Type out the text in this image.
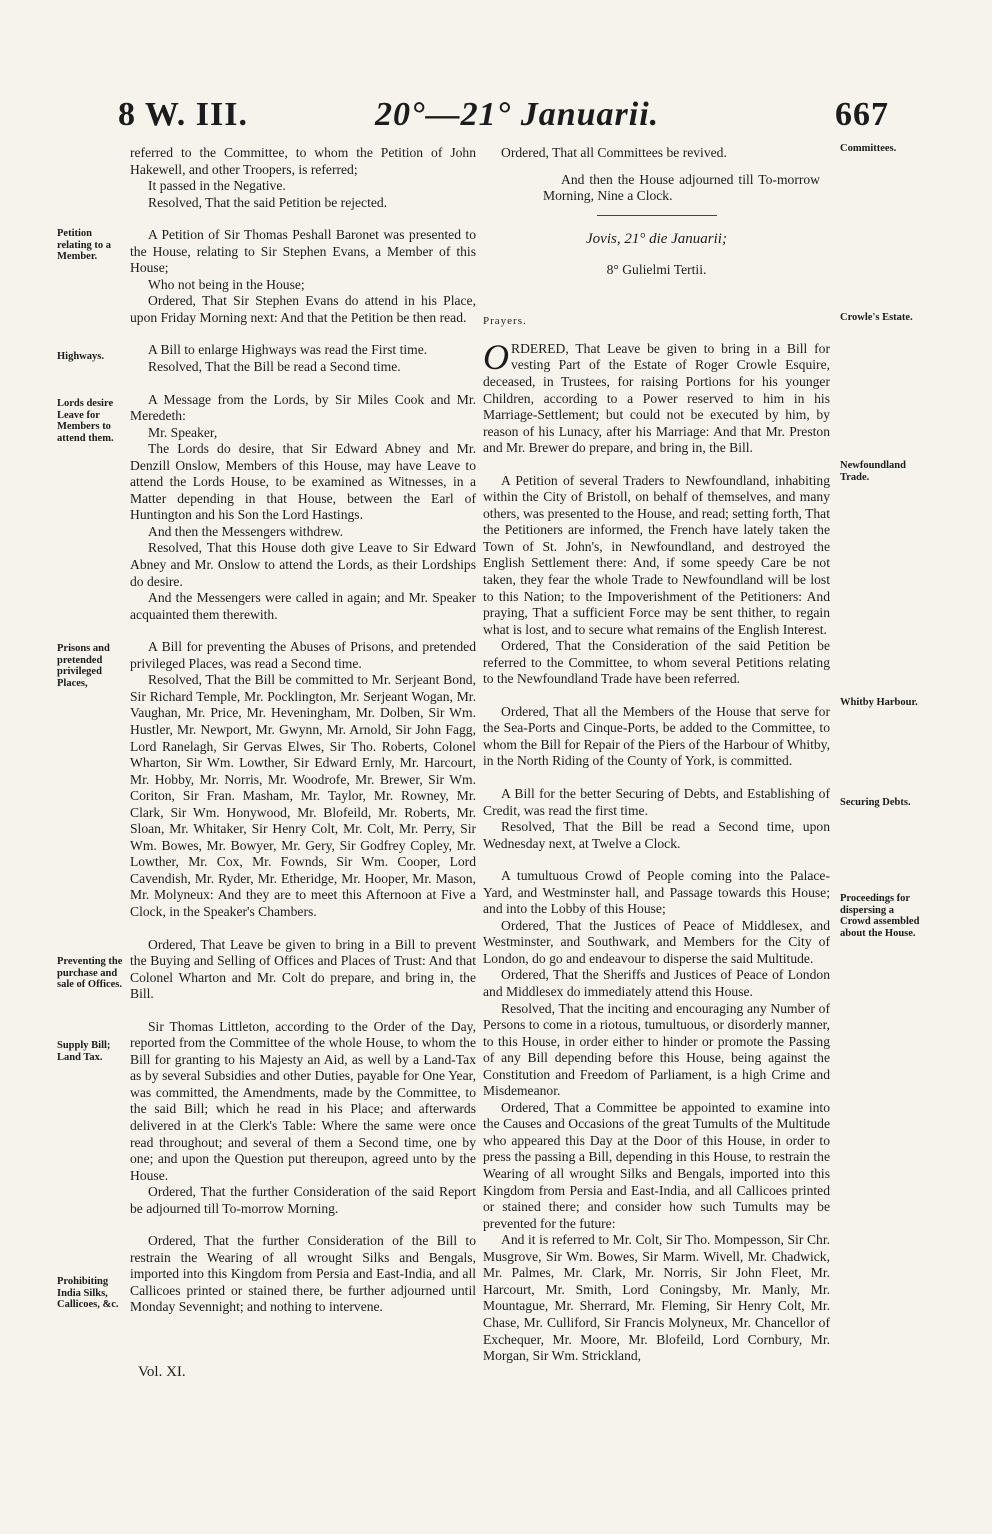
8 W. III.	20°—21° Januarii.	667
Petition relating to a Member.
Highways.
Lords desire Leave for Members to attend them.
Prisons and pretended privileged Places,
Preventing the purchase and sale of Offices.
Supply Bill; Land Tax.
Prohibiting India Silks, Callicoes, &c.
Committees.
Crowle's Estate.
Newfoundland Trade.
Whitby Harbour.
Securing Debts.
Proceedings for dispersing a Crowd assembled about the House.

referred to the Committee, to whom the Petition of John Hakewell, and other Troopers, is referred;

It passed in the Negative.

Resolved, That the said Petition be rejected.

A Petition of Sir Thomas Peshall Baronet was presented to the House, relating to Sir Stephen Evans, a Member of this House;

Who not being in the House;

Ordered, That Sir Stephen Evans do attend in his Place, upon Friday Morning next: And that the Petition be then read.

A Bill to enlarge Highways was read the First time.

Resolved, That the Bill be read a Second time.

A Message from the Lords, by Sir Miles Cook and Mr. Meredeth:

Mr. Speaker,

The Lords do desire, that Sir Edward Abney and Mr. Denzill Onslow, Members of this House, may have Leave to attend the Lords House, to be examined as Witnesses, in a Matter depending in that House, between the Earl of Huntington and his Son the Lord Hastings.

And then the Messengers withdrew.

Resolved, That this House doth give Leave to Sir Edward Abney and Mr. Onslow to attend the Lords, as their Lordships do desire.

And the Messengers were called in again; and Mr. Speaker acquainted them therewith.

A Bill for preventing the Abuses of Prisons, and pretended privileged Places, was read a Second time.

Resolved, That the Bill be committed to Mr. Serjeant Bond, Sir Richard Temple, Mr. Pocklington, Mr. Serjeant Wogan, Mr. Vaughan, Mr. Price, Mr. Heveningham, Mr. Dolben, Sir Wm. Hustler, Mr. Newport, Mr. Gwynn, Mr. Arnold, Sir John Fagg, Lord Ranelagh, Sir Gervas Elwes, Sir Tho. Roberts, Colonel Wharton, Sir Wm. Lowther, Sir Edward Ernly, Mr. Harcourt, Mr. Hobby, Mr. Norris, Mr. Woodrofe, Mr. Brewer, Sir Wm. Coriton, Sir Fran. Masham, Mr. Taylor, Mr. Rowney, Mr. Clark, Sir Wm. Honywood, Mr. Blofeild, Mr. Roberts, Mr. Sloan, Mr. Whitaker, Sir Henry Colt, Mr. Colt, Mr. Perry, Sir Wm. Bowes, Mr. Bowyer, Mr. Gery, Sir Godfrey Copley, Mr. Lowther, Mr. Cox, Mr. Fownds, Sir Wm. Cooper, Lord Cavendish, Mr. Ryder, Mr. Etheridge, Mr. Hooper, Mr. Mason, Mr. Molyneux: And they are to meet this Afternoon at Five a Clock, in the Speaker's Chambers.

Ordered, That Leave be given to bring in a Bill to prevent the Buying and Selling of Offices and Places of Trust: And that Colonel Wharton and Mr. Colt do prepare, and bring in, the Bill.

Sir Thomas Littleton, according to the Order of the Day, reported from the Committee of the whole House, to whom the Bill for granting to his Majesty an Aid, as well by a Land-Tax as by several Subsidies and other Duties, payable for One Year, was committed, the Amendments, made by the Committee, to the said Bill; which he read in his Place; and afterwards delivered in at the Clerk's Table: Where the same were once read throughout; and several of them a Second time, one by one; and upon the Question put thereupon, agreed unto by the House.

Ordered, That the further Consideration of the said Report be adjourned till To-morrow Morning.

Ordered, That the further Consideration of the Bill to restrain the Wearing of all wrought Silks and Bengals, imported into this Kingdom from Persia and East-India, and all Callicoes printed or stained there, be further adjourned until Monday Sevennight; and nothing to intervene.

Ordered, That all Committees be revived.

And then the House adjourned till To-morrow Morning, Nine a Clock.

Jovis, 21° die Januarii;

8° Gulielmi Tertii.

Prayers.

ORDERED, That Leave be given to bring in a Bill for vesting Part of the Estate of Roger Crowle Esquire, deceased, in Trustees, for raising Portions for his younger Children, according to a Power reserved to him in his Marriage-Settlement; but could not be executed by him, by reason of his Lunacy, after his Marriage: And that Mr. Preston and Mr. Brewer do prepare, and bring in, the Bill.

A Petition of several Traders to Newfoundland, inhabiting within the City of Bristoll, on behalf of themselves, and many others, was presented to the House, and read; setting forth, That the Petitioners are informed, the French have lately taken the Town of St. John's, in Newfoundland, and destroyed the English Settlement there: And, if some speedy Care be not taken, they fear the whole Trade to Newfoundland will be lost to this Nation; to the Impoverishment of the Petitioners: And praying, That a sufficient Force may be sent thither, to regain what is lost, and to secure what remains of the English Interest.

Ordered, That the Consideration of the said Petition be referred to the Committee, to whom several Petitions relating to the Newfoundland Trade have been referred.

Ordered, That all the Members of the House that serve for the Sea-Ports and Cinque-Ports, be added to the Committee, to whom the Bill for Repair of the Piers of the Harbour of Whitby, in the North Riding of the County of York, is committed.

A Bill for the better Securing of Debts, and Establishing of Credit, was read the first time.

Resolved, That the Bill be read a Second time, upon Wednesday next, at Twelve a Clock.

A tumultuous Crowd of People coming into the Palace-Yard, and Westminster hall, and Passage towards this House; and into the Lobby of this House;

Ordered, That the Justices of Peace of Middlesex, and Westminster, and Southwark, and Members for the City of London, do go and endeavour to disperse the said Multitude.

Ordered, That the Sheriffs and Justices of Peace of London and Middlesex do immediately attend this House.

Resolved, That the inciting and encouraging any Number of Persons to come in a riotous, tumultuous, or disorderly manner, to this House, in order either to hinder or promote the Passing of any Bill depending before this House, being against the Constitution and Freedom of Parliament, is a high Crime and Misdemeanor.

Ordered, That a Committee be appointed to examine into the Causes and Occasions of the great Tumults of the Multitude who appeared this Day at the Door of this House, in order to press the passing a Bill, depending in this House, to restrain the Wearing of all wrought Silks and Bengals, imported into this Kingdom from Persia and East-India, and all Callicoes printed or stained there; and consider how such Tumults may be prevented for the future:

And it is referred to Mr. Colt, Sir Tho. Mompesson, Sir Chr. Musgrove, Sir Wm. Bowes, Sir Marm. Wivell, Mr. Chadwick, Mr. Palmes, Mr. Clark, Mr. Norris, Sir John Fleet, Mr. Harcourt, Mr. Smith, Lord Coningsby, Mr. Manly, Mr. Mountague, Mr. Sherrard, Mr. Fleming, Sir Henry Colt, Mr. Chase, Mr. Culliford, Sir Francis Molyneux, Mr. Chancellor of Exchequer, Mr. Moore, Mr. Blofeild, Lord Cornbury, Mr. Morgan, Sir Wm. Strickland,

Vol. XI.
